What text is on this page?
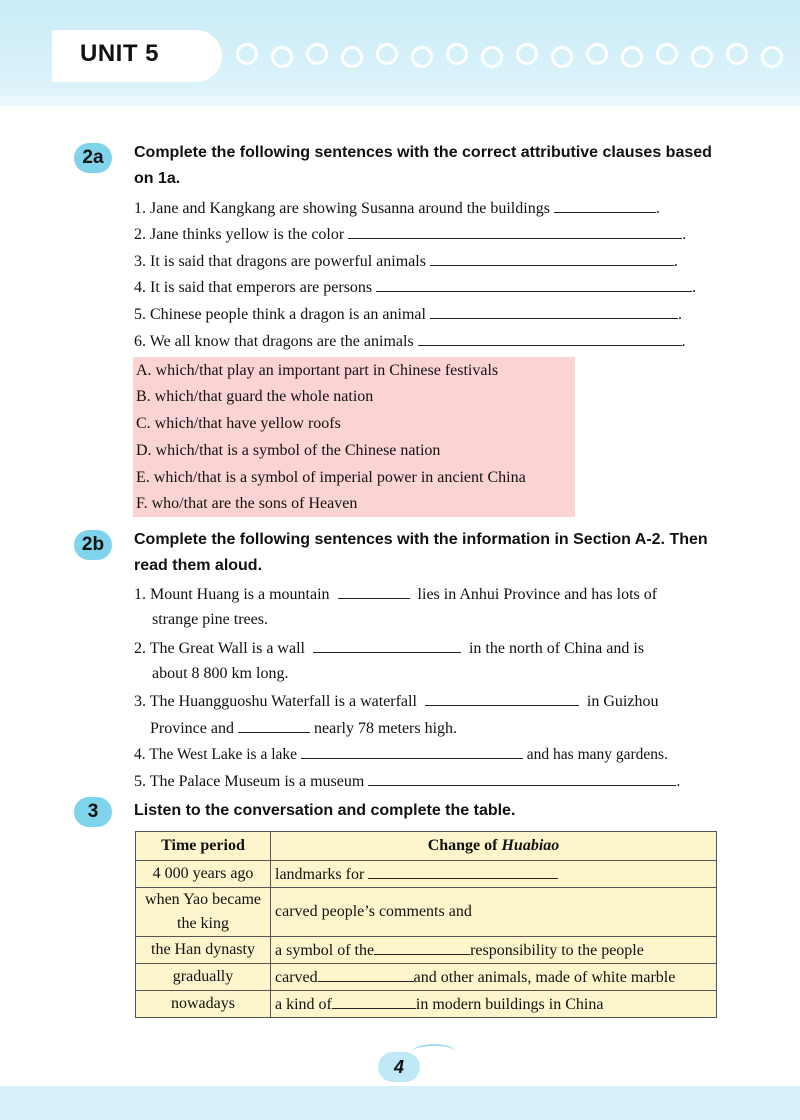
UNIT 5
2a	Complete the following sentences with the correct attributive clauses based on 1a.
1. Jane and Kangkang are showing Susanna around the buildings	.
2. Jane thinks yellow is the color	.
3. It is said that dragons are powerful animals	.
4. It is said that emperors are persons	.
5. Chinese people think a dragon is an animal	.
6. We all know that dragons are the animals	.
A. which/that play an important part in Chinese festivals
B. which/that guard the whole nation
C. which/that have yellow roofs
D. which/that is a symbol of the Chinese nation
E. which/that is a symbol of imperial power in ancient China
F. who/that are the sons of Heaven
2b	Complete the following sentences with the information in Section A-2. Then read them aloud.
1. Mount Huang is a mountain	lies in Anhui Province and has lots of
strange pine trees.
2. The Great Wall is a wall	in the north of China and is
about 8 800 km long.
3. The Huangguoshu Waterfall is a waterfall	in Guizhou
Province and	nearly 78 meters high.
4. The West Lake is a lake	and has many gardens.
5. The Palace Museum is a museum	.
3	Listen to the conversation and complete the table.
Time period	Change of Huabiao
4 000 years ago	landmarks for
when Yao became the king	carved people’s comments and
the Han dynasty	a symbol of the responsibility to the people
gradually	carved and other animals, made of white marble
nowadays	a kind of in modern buildings in China
4
